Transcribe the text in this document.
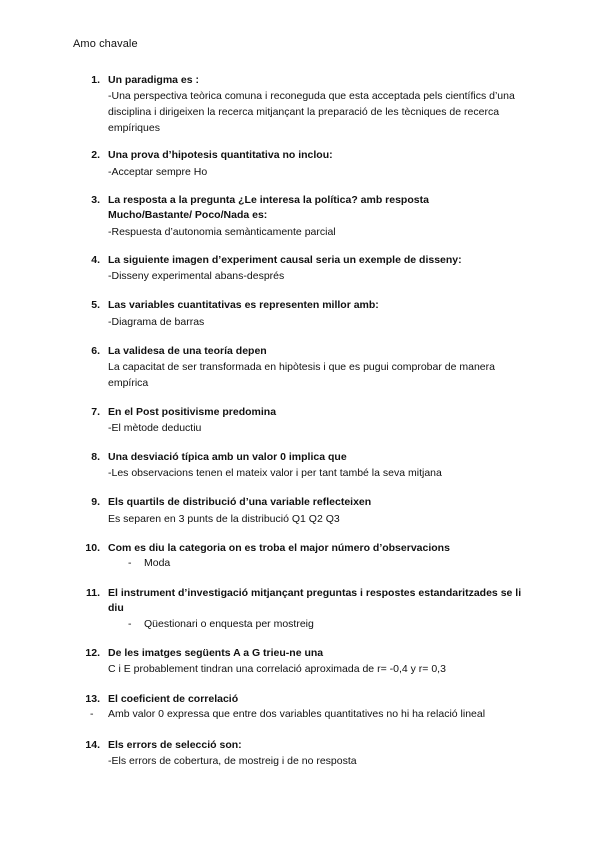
Amo chavale
1. Un paradigma es :
-Una perspectiva teòrica comuna i reconeguda que esta acceptada pels científics d’una disciplina i dirigeixen la recerca mitjançant la preparació de les tècniques de recerca empíriques
2. Una prova d’hipotesis quantitativa no inclou:
-Acceptar sempre Ho
3. La resposta a la pregunta ¿Le interesa la política? amb resposta Mucho/Bastante/ Poco/Nada es:
-Respuesta d’autonomia semànticamente parcial
4. La siguiente imagen d’experiment causal seria un exemple de disseny:
-Disseny experimental abans-després
5. Las variables cuantitativas es representen millor amb:
-Diagrama de barras
6. La validesa de una teoría depen
La capacitat de ser transformada en hipòtesis i que es pugui comprobar de manera empírica
7. En el Post positivisme predomina
-El mètode deductiu
8. Una desviació típica amb un valor 0 implica que
-Les observacions tenen el mateix valor i per tant també la seva mitjana
9. Els quartils de distribució d’una variable reflecteixen
Es separen en 3 punts de la distribució Q1 Q2 Q3
10. Com es diu la categoria on es troba el major número d’observacions
- Moda
11. El instrument d’investigació mitjançant preguntas i respostes estandaritzades se li diu
- Qüestionari o enquesta per mostreig
12. De les imatges següents A a G trieu-ne una
C i E probablement tindran una correlació aproximada de r= -0,4 y r= 0,3
13. El coeficient de correlació
- Amb valor 0 expressa que entre dos variables quantitatives no hi ha relació lineal
14. Els errors de selecció son:
-Els errors de cobertura, de mostreig i de no resposta
